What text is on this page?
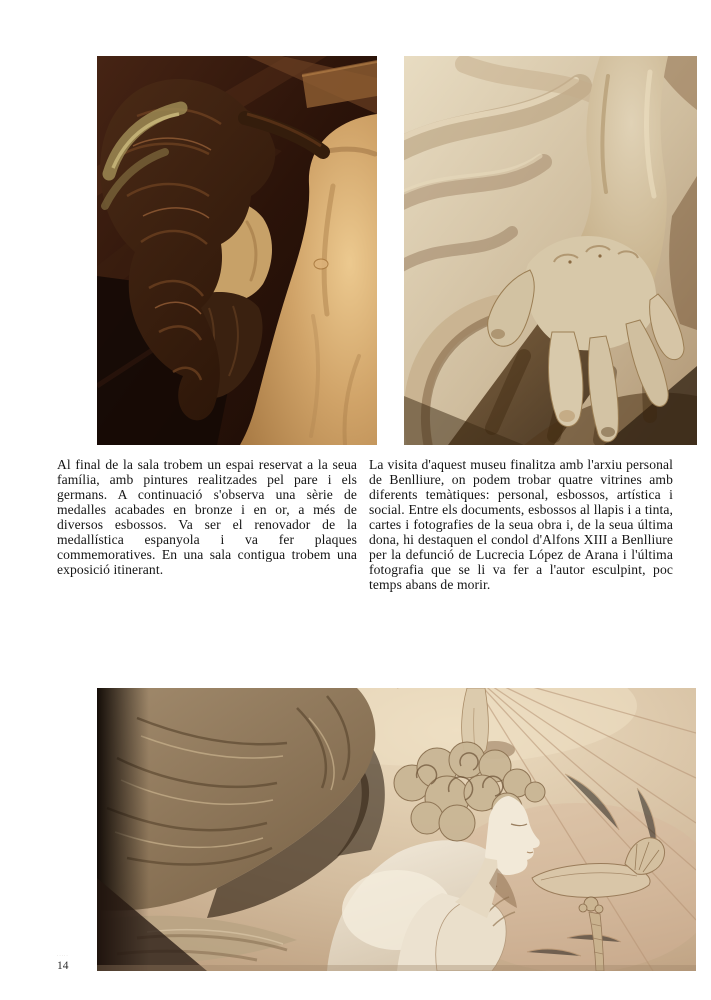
Al final de la sala trobem un espai reservat a la seua família, amb pintures realitzades pel pare i els germans. A continuació s'observa una sèrie de medalles acabades en bronze i en or, a més de diversos esbossos. Va ser el renovador de la medallística espanyola i va fer plaques commemoratives. En una sala contigua trobem una exposició itinerant.

La visita d'aquest museu finalitza amb l'arxiu personal de Benlliure, on podem trobar quatre vitrines amb diferents temàtiques: personal, esbossos, artística i social. Entre els documents, esbossos al llapis i a tinta, cartes i fotografies de la seua obra i, de la seua última dona, hi destaquen el condol d'Alfons XIII a Benlliure per la defunció de Lucrecia López de Arana i l'última fotografia que se li va fer a l'autor esculpint, poc temps abans de morir.

·····
14
